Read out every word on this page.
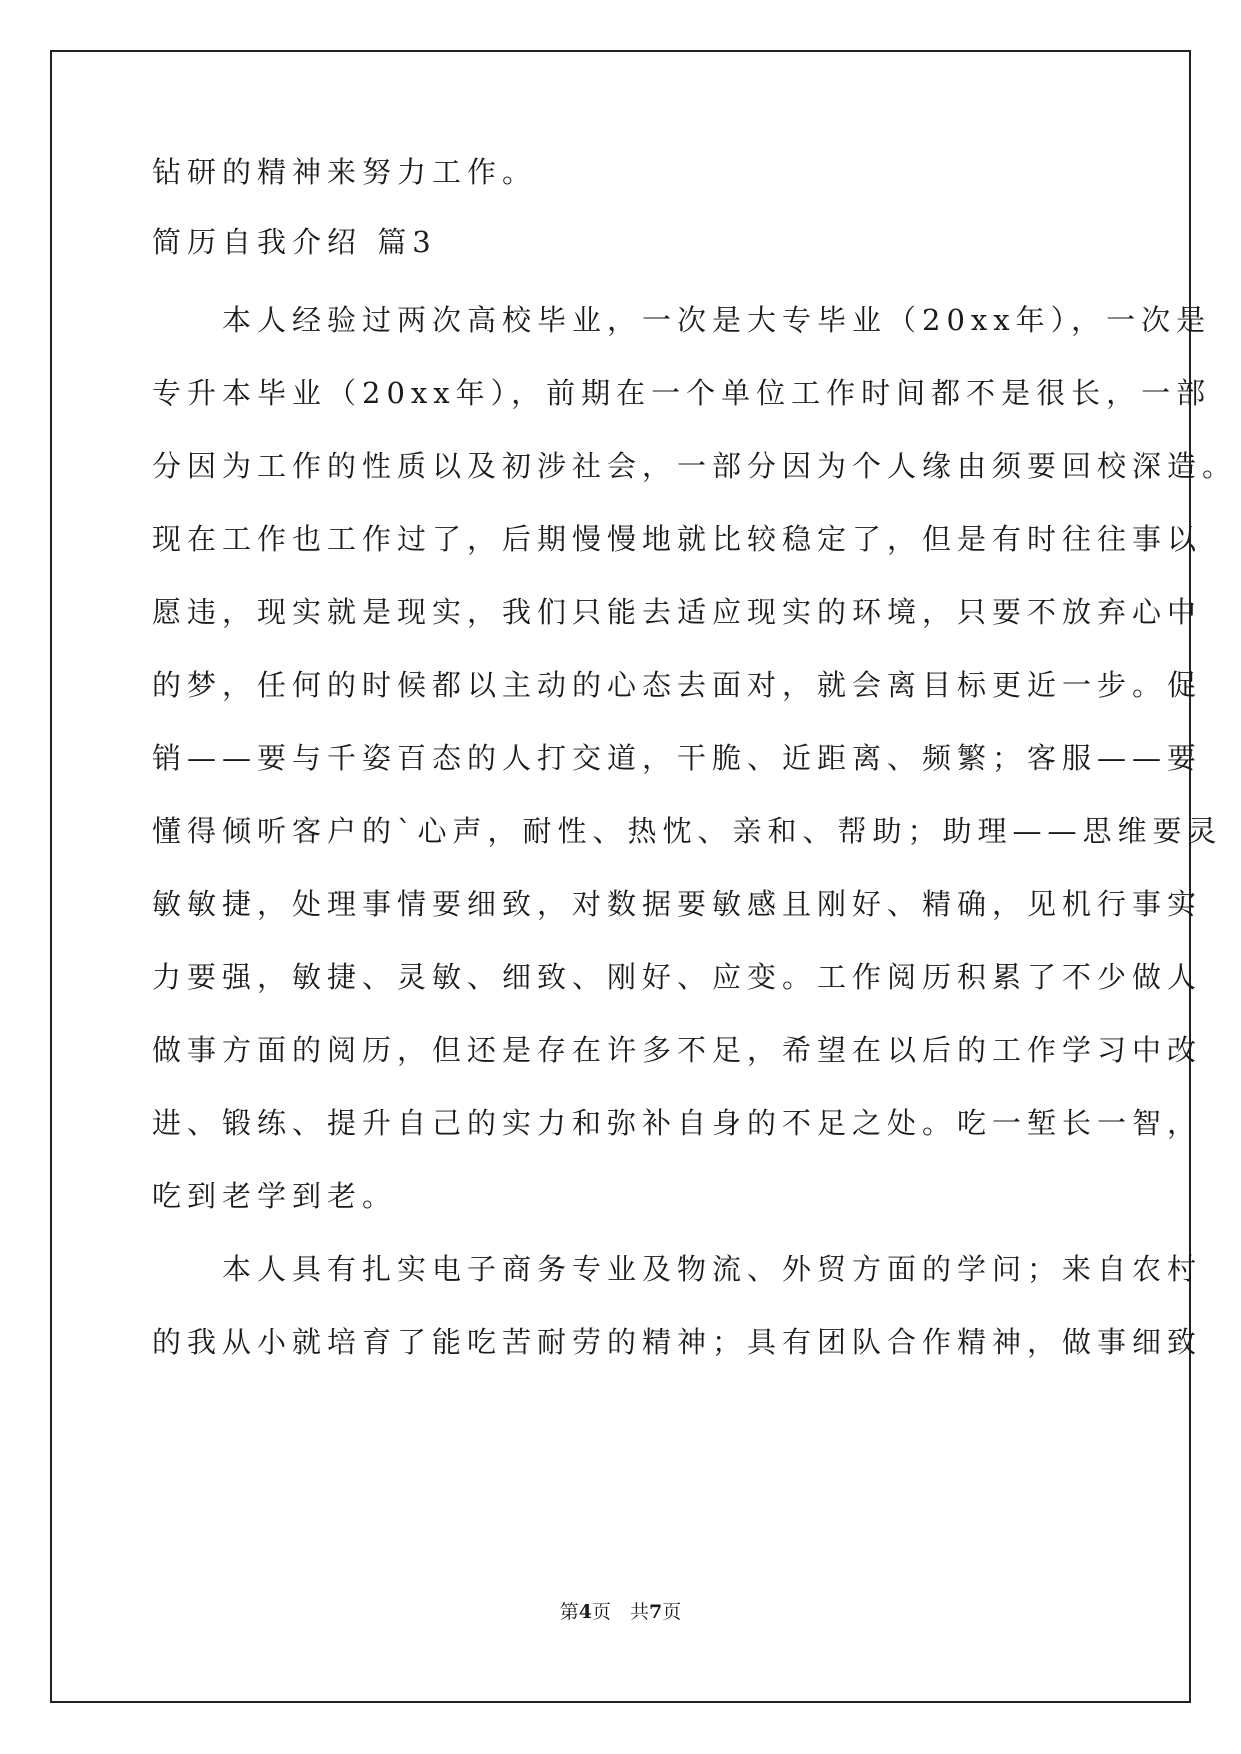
钻研的精神来努力工作。
简历自我介绍 篇3
　　本人经验过两次高校毕业，一次是大专毕业（20xx年），一次是
专升本毕业（20xx年），前期在一个单位工作时间都不是很长，一部
分因为工作的性质以及初涉社会，一部分因为个人缘由须要回校深造。
现在工作也工作过了，后期慢慢地就比较稳定了，但是有时往往事以
愿违，现实就是现实，我们只能去适应现实的环境，只要不放弃心中
的梦，任何的时候都以主动的心态去面对，就会离目标更近一步。促
销——要与千姿百态的人打交道，干脆、近距离、频繁；客服——要
懂得倾听客户的`心声，耐性、热忱、亲和、帮助；助理——思维要灵
敏敏捷，处理事情要细致，对数据要敏感且刚好、精确，见机行事实
力要强，敏捷、灵敏、细致、刚好、应变。工作阅历积累了不少做人
做事方面的阅历，但还是存在许多不足，希望在以后的工作学习中改
进、锻练、提升自己的实力和弥补自身的不足之处。吃一堑长一智，
吃到老学到老。
　　本人具有扎实电子商务专业及物流、外贸方面的学问；来自农村
的我从小就培育了能吃苦耐劳的精神；具有团队合作精神，做事细致
第4页　共7页
